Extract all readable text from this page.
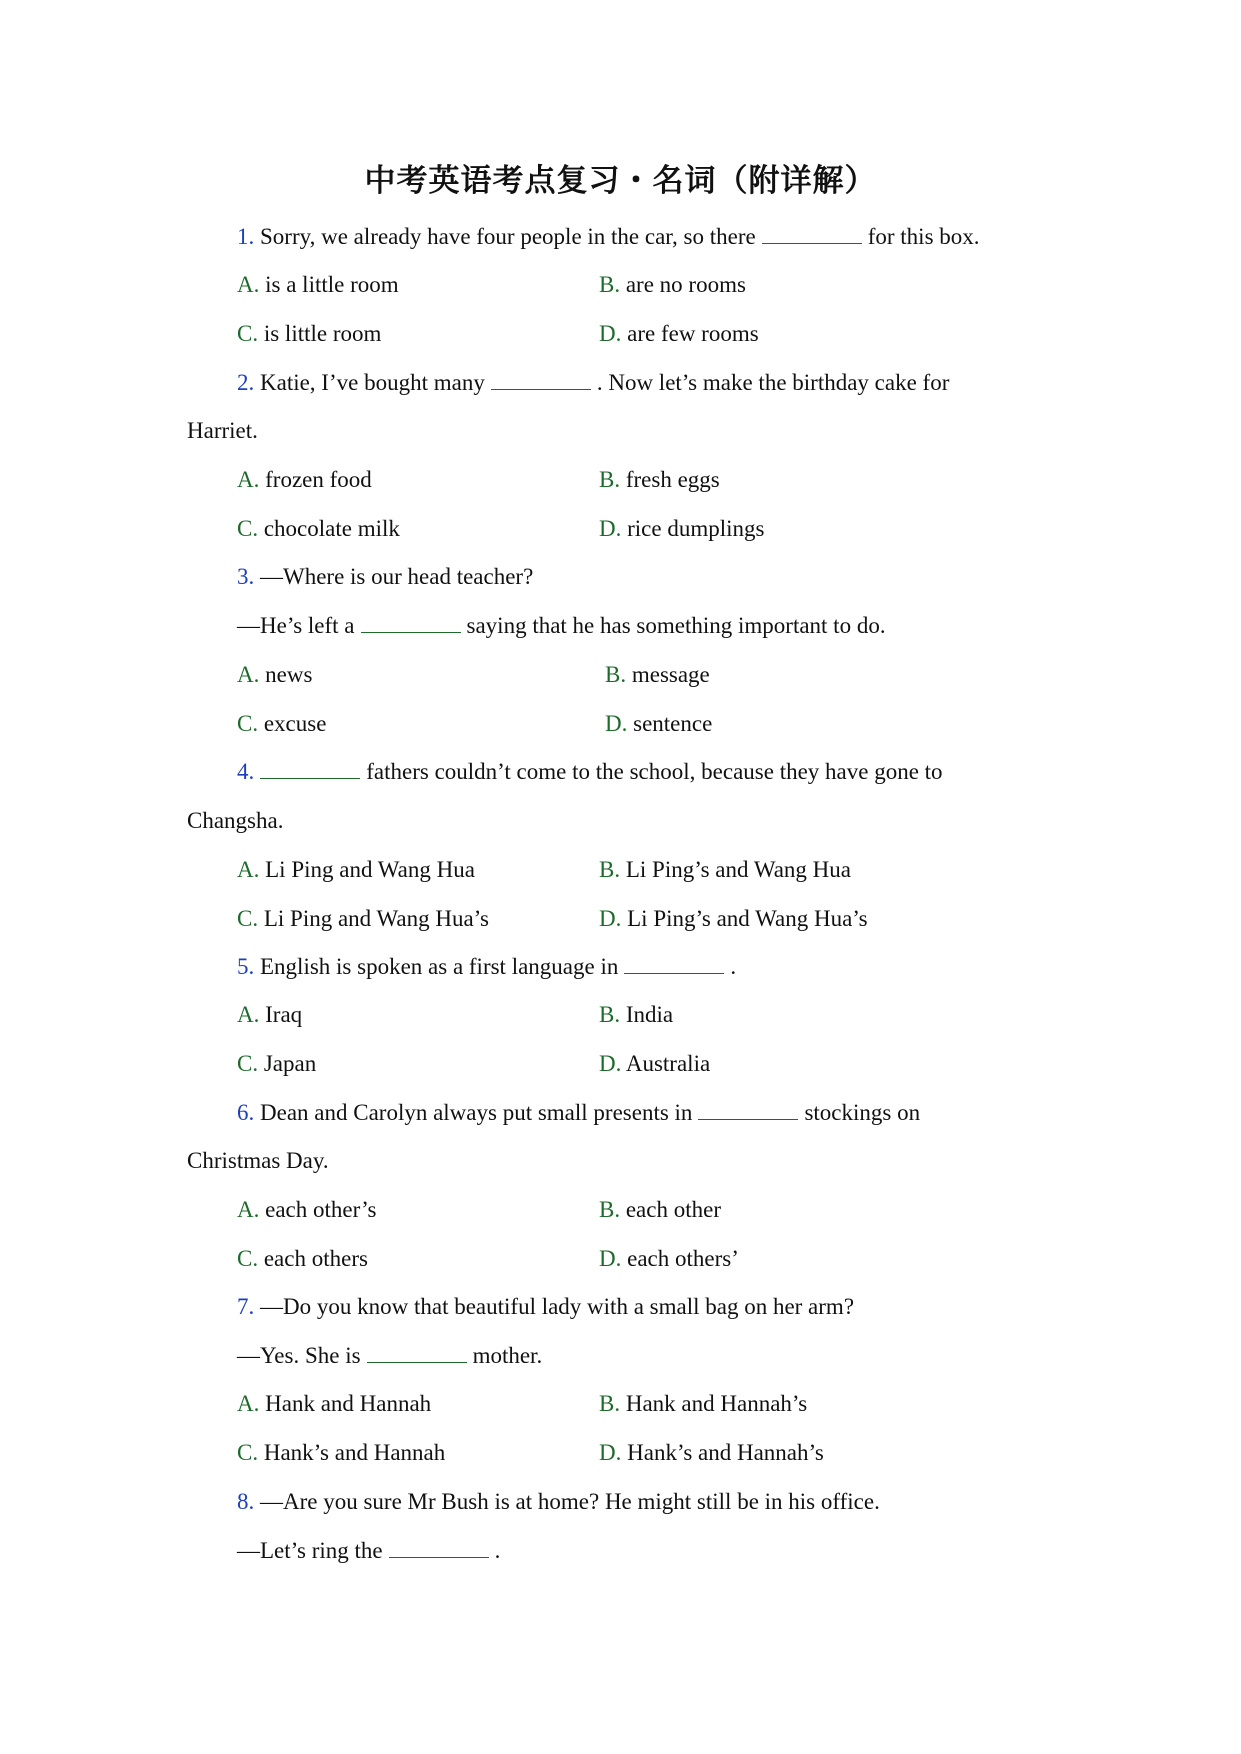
中考英语考点复习・名词（附详解）
1. Sorry, we already have four people in the car, so there	for this box.
A. is a little room	B. are no rooms
C. is little room	D. are few rooms
2. Katie, I’ve bought many	. Now let’s make the birthday cake for
Harriet.
A. frozen food	B. fresh eggs
C. chocolate milk	D. rice dumplings
3. —Where is our head teacher?
—He’s left a	saying that he has something important to do.
A. news	B. message
C. excuse	D. sentence
4.	fathers couldn’t come to the school, because they have gone to
Changsha.
A. Li Ping and Wang Hua	B. Li Ping’s and Wang Hua
C. Li Ping and Wang Hua’s	D. Li Ping’s and Wang Hua’s
5. English is spoken as a first language in	.
A. Iraq	B. India
C. Japan	D. Australia
6. Dean and Carolyn always put small presents in	stockings on
Christmas Day.
A. each other’s	B. each other
C. each others	D. each others’
7. —Do you know that beautiful lady with a small bag on her arm?
—Yes. She is	mother.
A. Hank and Hannah	B. Hank and Hannah’s
C. Hank’s and Hannah	D. Hank’s and Hannah’s
8. —Are you sure Mr Bush is at home? He might still be in his office.
—Let’s ring the	.
